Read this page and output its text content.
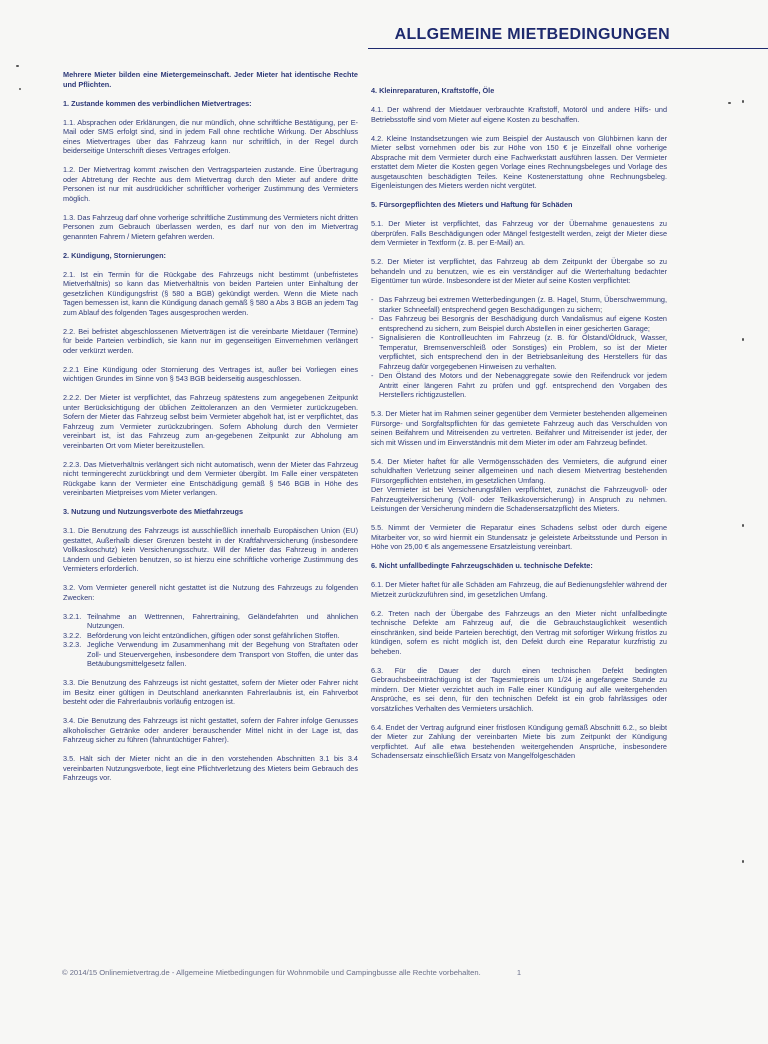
ALLGEMEINE MIETBEDINGUNGEN

Mehrere Mieter bilden eine Mietergemeinschaft. Jeder Mieter hat identische Rechte und Pflichten.

1. Zustande kommen des verbindlichen Mietvertrages:

1.1. Absprachen oder Erklärungen, die nur mündlich, ohne schriftliche Bestätigung, per E-Mail oder SMS erfolgt sind, sind in jedem Fall ohne rechtliche Wirkung. Der Abschluss eines Mietvertrages über das Fahrzeug kann nur schriftlich, in der Regel durch beiderseitige Unterschrift dieses Vertrages erfolgen.

1.2. Der Mietvertrag kommt zwischen den Vertragsparteien zustande. Eine Übertragung oder Abtretung der Rechte aus dem Mietvertrag durch den Mieter auf andere dritte Personen ist nur mit ausdrücklicher schriftlicher vorheriger Zustimmung des Vermieters möglich.

1.3. Das Fahrzeug darf ohne vorherige schriftliche Zustimmung des Vermieters nicht dritten Personen zum Gebrauch überlassen werden, es darf nur von den im Mietvertrag genannten Fahrern / Mietern gefahren werden.

2. Kündigung, Stornierungen:

2.1. Ist ein Termin für die Rückgabe des Fahrzeugs nicht bestimmt (unbefristetes Mietverhältnis) so kann das Mietverhältnis von beiden Parteien unter Einhaltung der gesetzlichen Kündigungsfrist (§ 580 a BGB) gekündigt werden. Wenn die Miete nach Tagen bemessen ist, kann die Kündigung danach gemäß § 580 a Abs 3 BGB an jedem Tag zum Ablauf des folgenden Tages ausgesprochen werden.

2.2. Bei befristet abgeschlossenen Mietverträgen ist die vereinbarte Mietdauer (Termine) für beide Parteien verbindlich, sie kann nur im gegenseitigen Einvernehmen verlängert oder verkürzt werden.

2.2.1 Eine Kündigung oder Stornierung des Vertrages ist, außer bei Vorliegen eines wichtigen Grundes im Sinne von § 543 BGB beiderseitig ausgeschlossen.

2.2.2. Der Mieter ist verpflichtet, das Fahrzeug spätestens zum angegebenen Zeitpunkt unter Berücksichtigung der üblichen Zeittoleranzen an den Vermieter zurückzugeben. Sofern der Mieter das Fahrzeug selbst beim Vermieter abgeholt hat, ist er verpflichtet, das Fahrzeug zum Vermieter zurückzubringen. Sofern Abholung durch den Vermieter vereinbart ist, ist das Fahrzeug zum an-gegebenen Zeitpunkt zur Abholung am vereinbarten Ort vom Mieter bereitzustellen.

2.2.3. Das Mietverhältnis verlängert sich nicht automatisch, wenn der Mieter das Fahrzeug nicht termingerecht zurückbringt und dem Vermieter übergibt. Im Falle einer verspäteten Rückgabe kann der Vermieter eine Entschädigung gemäß § 546 BGB in Höhe des vereinbarten Mietpreises vom Mieter verlangen.

3. Nutzung und Nutzungsverbote des Mietfahrzeugs

3.1. Die Benutzung des Fahrzeugs ist ausschließlich innerhalb Europäischen Union (EU) gestattet, Außerhalb dieser Grenzen besteht in der Kraftfahrversicherung (insbesondere Vollkaskoschutz) kein Versicherungsschutz. Will der Mieter das Fahrzeug in anderen Ländern und Gebieten benutzen, so ist hierzu eine schriftliche vorherige Zustimmung des Vermieters erforderlich.

3.2. Vom Vermieter generell nicht gestattet ist die Nutzung des Fahrzeugs zu folgenden Zwecken:

3.2.1. Teilnahme an Wettrennen, Fahrertraining, Geländefahrten und ähnlichen Nutzungen.
3.2.2. Beförderung von leicht entzündlichen, giftigen oder sonst gefährlichen Stoffen.
3.2.3. Jegliche Verwendung im Zusammenhang mit der Begehung von Straftaten oder Zoll- und Steuervergehen, insbesondere dem Transport von Stoffen, die unter das Betäubungsmittelgesetz fallen.

3.3. Die Benutzung des Fahrzeugs ist nicht gestattet, sofern der Mieter oder Fahrer nicht im Besitz einer gültigen in Deutschland anerkannten Fahrerlaubnis ist, ein Fahrverbot besteht oder die Fahrerlaubnis vorläufig entzogen ist.

3.4. Die Benutzung des Fahrzeugs ist nicht gestattet, sofern der Fahrer infolge Genusses alkoholischer Getränke oder anderer berauschender Mittel nicht in der Lage ist, das Fahrzeug sicher zu führen (fahruntüchtiger Fahrer).

3.5. Hält sich der Mieter nicht an die in den vorstehenden Abschnitten 3.1 bis 3.4 vereinbarten Nutzungsverbote, liegt eine Pflichtverletzung des Mieters beim Gebrauch des Fahrzeugs vor.

4. Kleinreparaturen, Kraftstoffe, Öle

4.1. Der während der Mietdauer verbrauchte Kraftstoff, Motoröl und andere Hilfs- und Betriebsstoffe sind vom Mieter auf eigene Kosten zu beschaffen.

4.2. Kleine Instandsetzungen wie zum Beispiel der Austausch von Glühbirnen kann der Mieter selbst vornehmen oder bis zur Höhe von 150 € je Einzelfall ohne vorherige Absprache mit dem Vermieter durch eine Fachwerkstatt ausführen lassen. Der Vermieter erstattet dem Mieter die Kosten gegen Vorlage eines Rechnungsbeleges und Vorlage des ausgetauschten beschädigten Teiles. Keine Kostenerstattung ohne Rechnungsbeleg. Eigenleistungen des Mieters werden nicht vergütet.

5. Fürsorgepflichten des Mieters und Haftung für Schäden

5.1. Der Mieter ist verpflichtet, das Fahrzeug vor der Übernahme genauestens zu überprüfen. Falls Beschädigungen oder Mängel festgestellt werden, zeigt der Mieter diese dem Vermieter in Textform (z. B. per E-Mail) an.

5.2. Der Mieter ist verpflichtet, das Fahrzeug ab dem Zeitpunkt der Übergabe so zu behandeln und zu benutzen, wie es ein verständiger auf die Werterhaltung bedachter Eigentümer tun würde. Insbesondere ist der Mieter auf seine Kosten verpflichtet:

- Das Fahrzeug bei extremen Wetterbedingungen (z. B. Hagel, Sturm, Überschwemmung, starker Schneefall) entsprechend gegen Beschädigungen zu sichern;
- Das Fahrzeug bei Besorgnis der Beschädigung durch Vandalismus auf eigene Kosten entsprechend zu sichern, zum Beispiel durch Abstellen in einer gesicherten Garage;
- Signalisieren die Kontrollleuchten im Fahrzeug (z. B. für Ölstand/Öldruck, Wasser, Temperatur, Bremsenverschleiß oder Sonstiges) ein Problem, so ist der Mieter verpflichtet, sich entsprechend den in der Betriebsanleitung des Herstellers für das Fahrzeug dafür vorgegebenen Hinweisen zu verhalten.
- Den Ölstand des Motors und der Nebenaggregate sowie den Reifendruck vor jedem Antritt einer längeren Fahrt zu prüfen und ggf. entsprechend den Vorgaben des Herstellers richtigzustellen.

5.3. Der Mieter hat im Rahmen seiner gegenüber dem Vermieter bestehenden allgemeinen Fürsorge- und Sorgfaltspflichten für das gemietete Fahrzeug auch das Verschulden von seinen Beifahrern und Mitreisenden zu vertreten. Beifahrer und Mitreisender ist jeder, der sich mit Wissen und im Einverständnis mit dem Mieter im oder am Fahrzeug befindet.

5.4. Der Mieter haftet für alle Vermögensschäden des Vermieters, die aufgrund einer schuldhaften Verletzung seiner allgemeinen und nach diesem Mietvertrag bestehenden Fürsorgepflichten entstehen, im gesetzlichen Umfang.

Der Vermieter ist bei Versicherungsfällen verpflichtet, zunächst die Fahrzeugvoll- oder Fahrzeugteilversicherung (Voll- oder Teilkaskoversicherung) in Anspruch zu nehmen. Leistungen der Versicherung mindern die Schadensersatzpflicht des Mieters.

5.5. Nimmt der Vermieter die Reparatur eines Schadens selbst oder durch eigene Mitarbeiter vor, so wird hiermit ein Stundensatz je geleistete Arbeitsstunde und Person in Höhe von 25,00 € als angemessene Ersatzleistung vereinbart.

6. Nicht unfallbedingte Fahrzeugschäden u. technische Defekte:

6.1. Der Mieter haftet für alle Schäden am Fahrzeug, die auf Bedienungsfehler während der Mietzeit zurückzuführen sind, im gesetzlichen Umfang.

6.2. Treten nach der Übergabe des Fahrzeugs an den Mieter nicht unfallbedingte technische Defekte am Fahrzeug auf, die die Gebrauchstauglichkeit wesentlich einschränken, sind beide Parteien berechtigt, den Vertrag mit sofortiger Wirkung fristlos zu kündigen, sofern es nicht möglich ist, den Defekt durch eine Reparatur kurzfristig zu beheben.

6.3. Für die Dauer der durch einen technischen Defekt bedingten Gebrauchsbeeinträchtigung ist der Tagesmietpreis um 1/24 je angefangene Stunde zu mindern. Der Mieter verzichtet auch im Falle einer Kündigung auf alle weitergehenden Ansprüche, es sei denn, für den technischen Defekt ist ein grob fahrlässiges oder vorsätzliches Verhalten des Vermieters ursächlich.

6.4. Endet der Vertrag aufgrund einer fristlosen Kündigung gemäß Abschnitt 6.2., so bleibt der Mieter zur Zahlung der vereinbarten Miete bis zum Zeitpunkt der Kündigung verpflichtet. Auf alle etwa bestehenden weitergehenden Ansprüche, insbesondere Schadensersatz einschließlich Ersatz von Mangelfolgeschäden

© 2014/15 Onlinemietvertrag.de - Allgemeine Mietbedingungen für Wohnmobile und Campingbusse alle Rechte vorbehalten.	1
